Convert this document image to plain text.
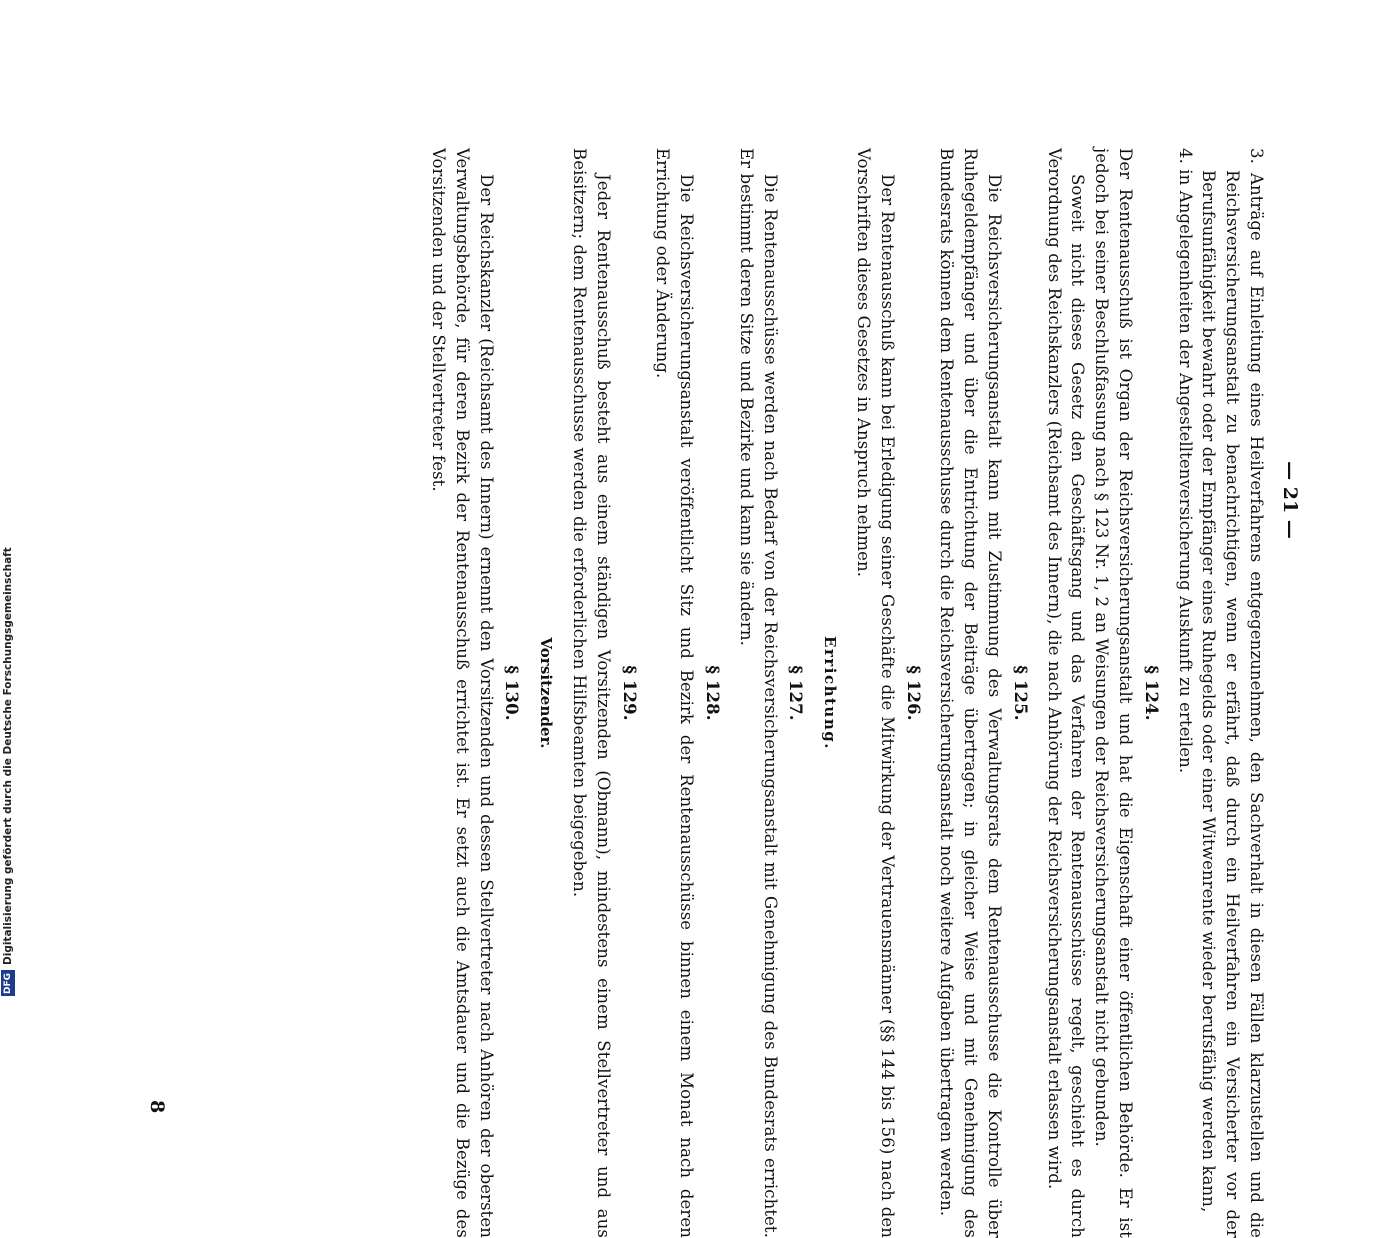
— 21 —

3. Anträge auf Einleitung eines Heilverfahrens entgegenzunehmen, den Sachverhalt in diesen Fällen klarzustellen und die Reichsversicherungsanstalt zu benachrichtigen, wenn er erfährt, daß durch ein Heilverfahren ein Versicherter vor der Berufsunfähigkeit bewahrt oder der Empfänger eines Ruhegelds oder einer Witwenrente wieder berufsfähig werden kann,

4. in Angelegenheiten der Angestelltenversicherung Auskunft zu erteilen.

§ 124.

Der Rentenausschuß ist Organ der Reichsversicherungsanstalt und hat die Eigenschaft einer öffentlichen Behörde. Er ist jedoch bei seiner Beschlußfassung nach § 123 Nr. 1, 2 an Weisungen der Reichsversicherungsanstalt nicht gebunden.

Soweit nicht dieses Gesetz den Geschäftsgang und das Verfahren der Rentenausschüsse regelt, geschieht es durch Verordnung des Reichskanzlers (Reichsamt des Innern), die nach Anhörung der Reichsversicherungsanstalt erlassen wird.

§ 125.

Die Reichsversicherungsanstalt kann mit Zustimmung des Verwaltungsrats dem Rentenausschusse die Kontrolle über Ruhegeldempfänger und über die Entrichtung der Beiträge übertragen; in gleicher Weise und mit Genehmigung des Bundesrats können dem Rentenausschusse durch die Reichsversicherungsanstalt noch weitere Aufgaben übertragen werden.

§ 126.

Der Rentenausschuß kann bei Erledigung seiner Geschäfte die Mitwirkung der Vertrauensmänner (§§ 144 bis 156) nach den Vorschriften dieses Gesetzes in Anspruch nehmen.

Errichtung.
§ 127.

Die Rentenausschüsse werden nach Bedarf von der Reichsversicherungsanstalt mit Genehmigung des Bundesrats errichtet. Er bestimmt deren Sitze und Bezirke und kann sie ändern.

§ 128.

Die Reichsversicherungsanstalt veröffentlicht Sitz und Bezirk der Rentenausschüsse binnen einem Monat nach deren Errichtung oder Änderung.

§ 129.

Jeder Rentenausschuß besteht aus einem ständigen Vorsitzenden (Obmann), mindestens einem Stellvertreter und aus Beisitzern; dem Rentenausschusse werden die erforderlichen Hilfsbeamten beigegeben.

Vorsitzender.
§ 130.

Der Reichskanzler (Reichsamt des Innern) ernennt den Vorsitzenden und dessen Stellvertreter nach Anhören der obersten Verwaltungsbehörde, für deren Bezirk der Rentenausschuß errichtet ist. Er setzt auch die Amtsdauer und die Bezüge des Vorsitzenden und der Stellvertreter fest.

8
Digitalisierung gefördert durch die Deutsche Forschungsgemeinschaft
DFG
